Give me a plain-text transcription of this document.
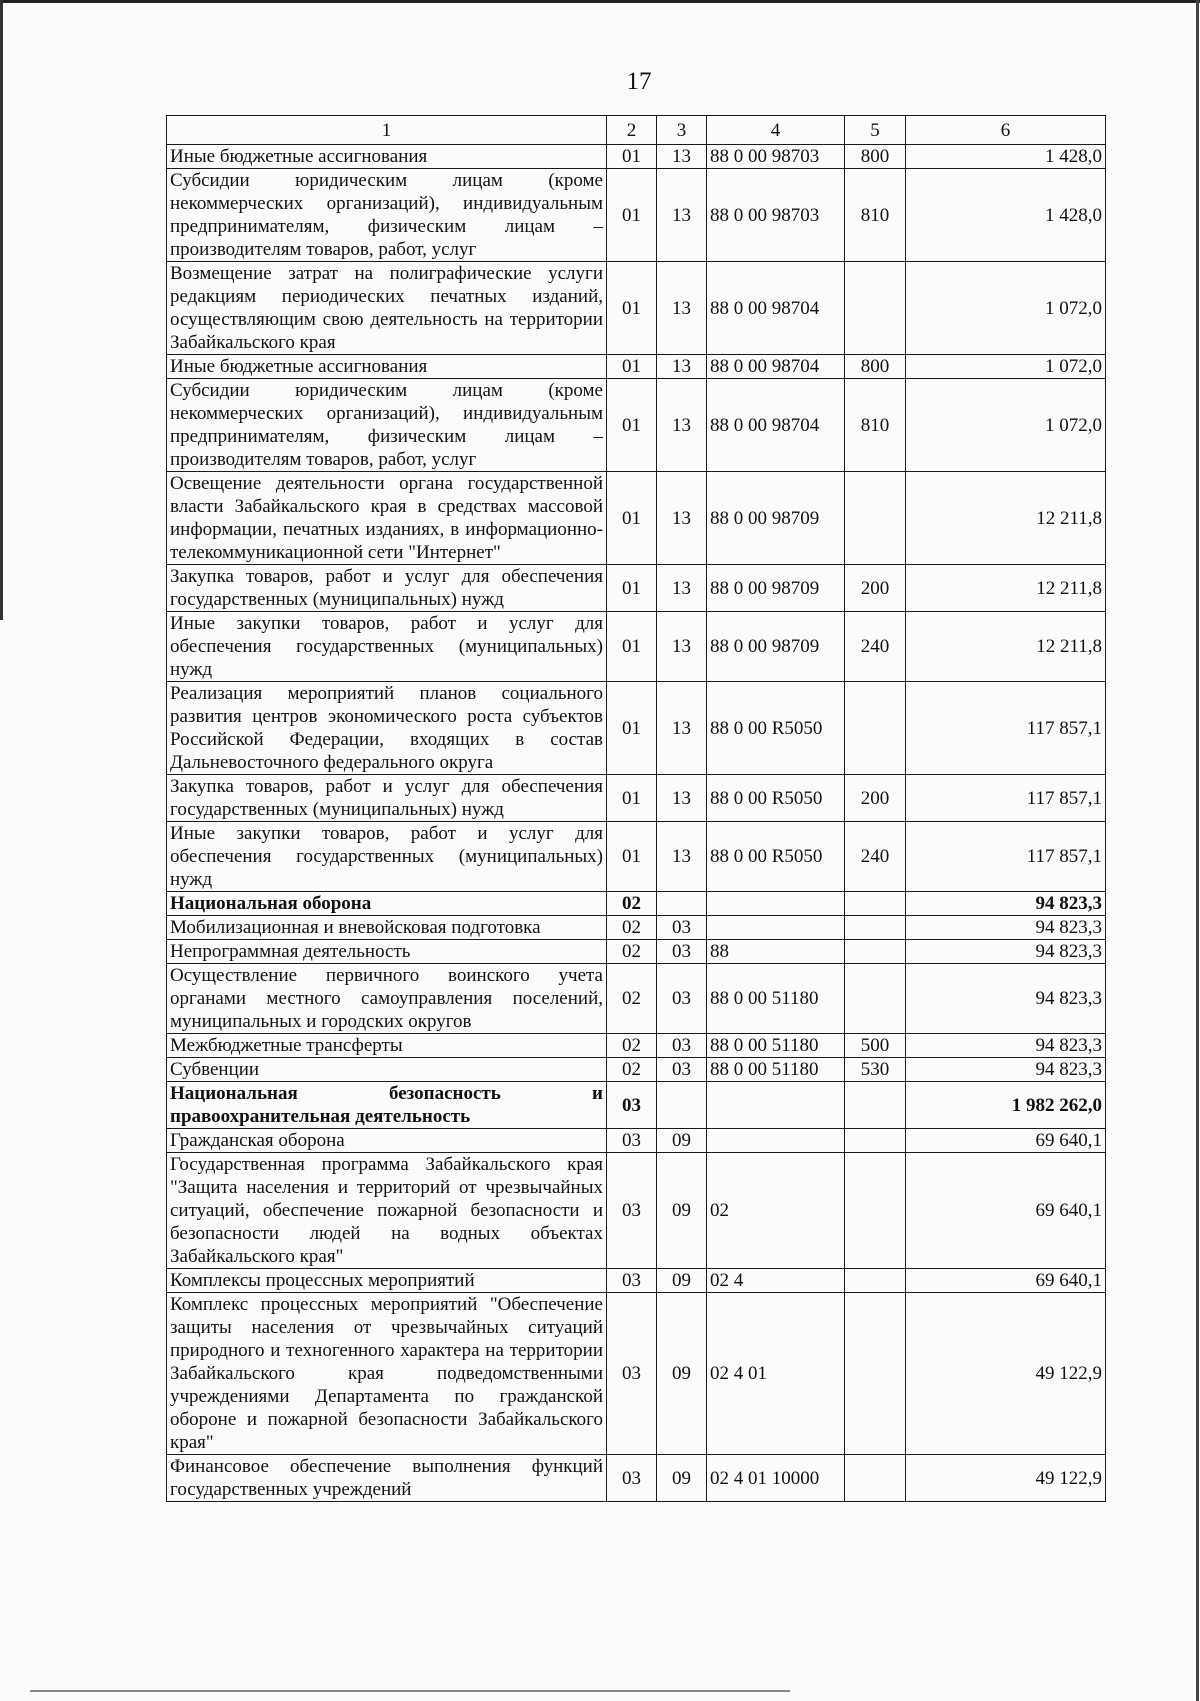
17
1	2	3	4	5	6
Иные бюджетные ассигнования	01	13	88 0 00 98703	800	1 428,0
Субсидии юридическим лицам (кроме некоммерческих организаций), индивидуальным предпринимателям, физическим лицам – производителям товаров, работ, услуг	01	13	88 0 00 98703	810	1 428,0
Возмещение затрат на полиграфические услуги редакциям периодических печатных изданий, осуществляющим свою деятельность на территории Забайкальского края	01	13	88 0 00 98704		1 072,0
Иные бюджетные ассигнования	01	13	88 0 00 98704	800	1 072,0
Субсидии юридическим лицам (кроме некоммерческих организаций), индивидуальным предпринимателям, физическим лицам – производителям товаров, работ, услуг	01	13	88 0 00 98704	810	1 072,0
Освещение деятельности органа государственной власти Забайкальского края в средствах массовой информации, печатных изданиях, в информационно-телекоммуникационной сети "Интернет"	01	13	88 0 00 98709		12 211,8
Закупка товаров, работ и услуг для обеспечения государственных (муниципальных) нужд	01	13	88 0 00 98709	200	12 211,8
Иные закупки товаров, работ и услуг для обеспечения государственных (муниципальных) нужд	01	13	88 0 00 98709	240	12 211,8
Реализация мероприятий планов социального развития центров экономического роста субъектов Российской Федерации, входящих в состав Дальневосточного федерального округа	01	13	88 0 00 R5050		117 857,1
Закупка товаров, работ и услуг для обеспечения государственных (муниципальных) нужд	01	13	88 0 00 R5050	200	117 857,1
Иные закупки товаров, работ и услуг для обеспечения государственных (муниципальных) нужд	01	13	88 0 00 R5050	240	117 857,1
Национальная оборона	02				94 823,3
Мобилизационная и вневойсковая подготовка	02	03			94 823,3
Непрограммная деятельность	02	03	88		94 823,3
Осуществление первичного воинского учета органами местного самоуправления поселений, муниципальных и городских округов	02	03	88 0 00 51180		94 823,3
Межбюджетные трансферты	02	03	88 0 00 51180	500	94 823,3
Субвенции	02	03	88 0 00 51180	530	94 823,3
Национальная безопасность и правоохранительная деятельность	03				1 982 262,0
Гражданская оборона	03	09			69 640,1
Государственная программа Забайкальского края "Защита населения и территорий от чрезвычайных ситуаций, обеспечение пожарной безопасности и безопасности людей на водных объектах Забайкальского края"	03	09	02		69 640,1
Комплексы процессных мероприятий	03	09	02 4		69 640,1
Комплекс процессных мероприятий "Обеспечение защиты населения от чрезвычайных ситуаций природного и техногенного характера на территории Забайкальского края подведомственными учреждениями Департамента по гражданской обороне и пожарной безопасности Забайкальского края"	03	09	02 4 01		49 122,9
Финансовое обеспечение выполнения функций государственных учреждений	03	09	02 4 01 10000		49 122,9
